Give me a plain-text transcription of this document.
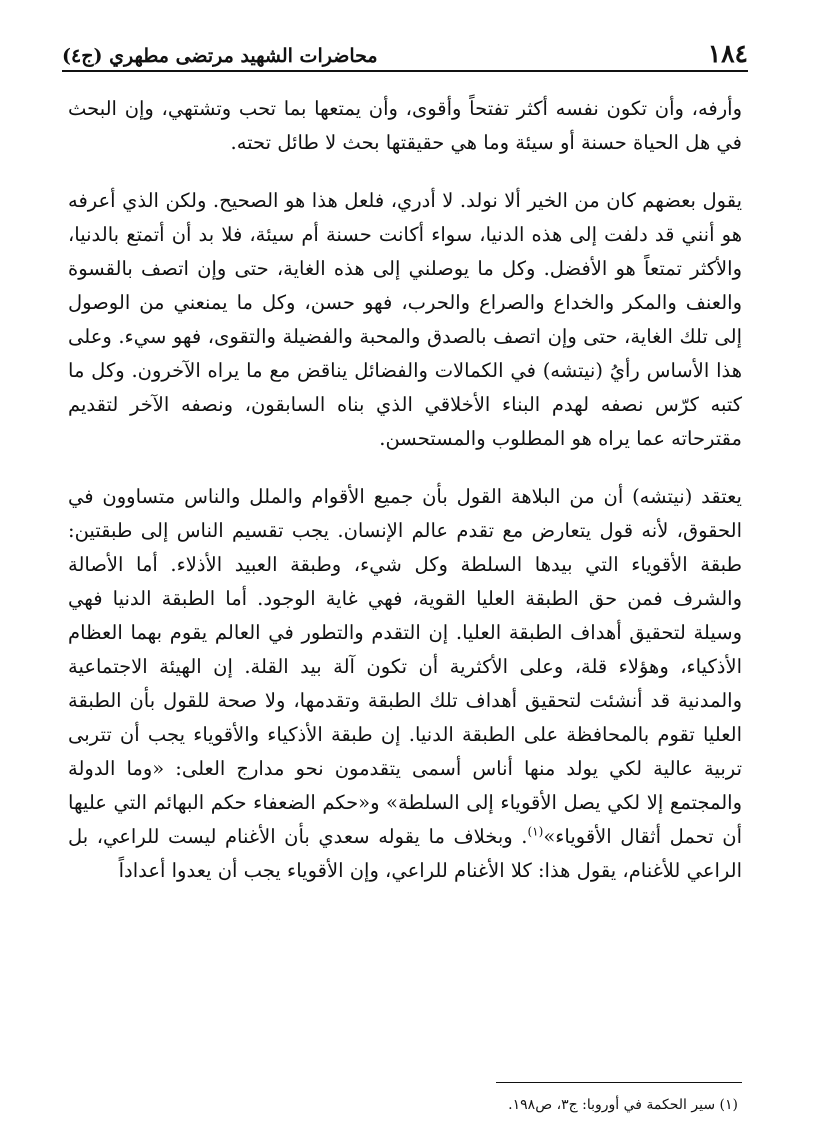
١٨٤
محاضرات الشهيد مرتضى مطهري (ج٤)

وأرفه، وأن تكون نفسه أكثر تفتحاً وأقوى، وأن يمتعها بما تحب وتشتهي، وإن البحث في هل الحياة حسنة أو سيئة وما هي حقيقتها بحث لا طائل تحته.

يقول بعضهم كان من الخير ألا نولد. لا أدري، فلعل هذا هو الصحيح. ولكن الذي أعرفه هو أنني قد دلفت إلى هذه الدنيا، سواء أكانت حسنة أم سيئة، فلا بد أن أتمتع بالدنيا، والأكثر تمتعاً هو الأفضل. وكل ما يوصلني إلى هذه الغاية، حتى وإن اتصف بالقسوة والعنف والمكر والخداع والصراع والحرب، فهو حسن، وكل ما يمنعني من الوصول إلى تلك الغاية، حتى وإن اتصف بالصدق والمحبة والفضيلة والتقوى، فهو سيء. وعلى هذا الأساس رأيُ (نيتشه) في الكمالات والفضائل يناقض مع ما يراه الآخرون. وكل ما كتبه كرّس نصفه لهدم البناء الأخلاقي الذي بناه السابقون، ونصفه الآخر لتقديم مقترحاته عما يراه هو المطلوب والمستحسن.

يعتقد (نيتشه) أن من البلاهة القول بأن جميع الأقوام والملل والناس متساوون في الحقوق، لأنه قول يتعارض مع تقدم عالم الإنسان. يجب تقسيم الناس إلى طبقتين: طبقة الأقوياء التي بيدها السلطة وكل شيء، وطبقة العبيد الأذلاء. أما الأصالة والشرف فمن حق الطبقة العليا القوية، فهي غاية الوجود. أما الطبقة الدنيا فهي وسيلة لتحقيق أهداف الطبقة العليا. إن التقدم والتطور في العالم يقوم بهما العظام الأذكياء، وهؤلاء قلة، وعلى الأكثرية أن تكون آلة بيد القلة. إن الهيئة الاجتماعية والمدنية قد أنشئت لتحقيق أهداف تلك الطبقة وتقدمها، ولا صحة للقول بأن الطبقة العليا تقوم بالمحافظة على الطبقة الدنيا. إن طبقة الأذكياء والأقوياء يجب أن تتربى تربية عالية لكي يولد منها أناس أسمى يتقدمون نحو مدارج العلى: «وما الدولة والمجتمع إلا لكي يصل الأقوياء إلى السلطة» و«حكم الضعفاء حكم البهائم التي عليها أن تحمل أثقال الأقوياء»$^{(١)}$. وبخلاف ما يقوله سعدي بأن الأغنام ليست للراعي، بل الراعي للأغنام، يقول هذا: كلا الأغنام للراعي، وإن الأقوياء يجب أن يعدوا أعداداً

(١) سير الحكمة في أوروبا: ج٣، ص١٩٨.
